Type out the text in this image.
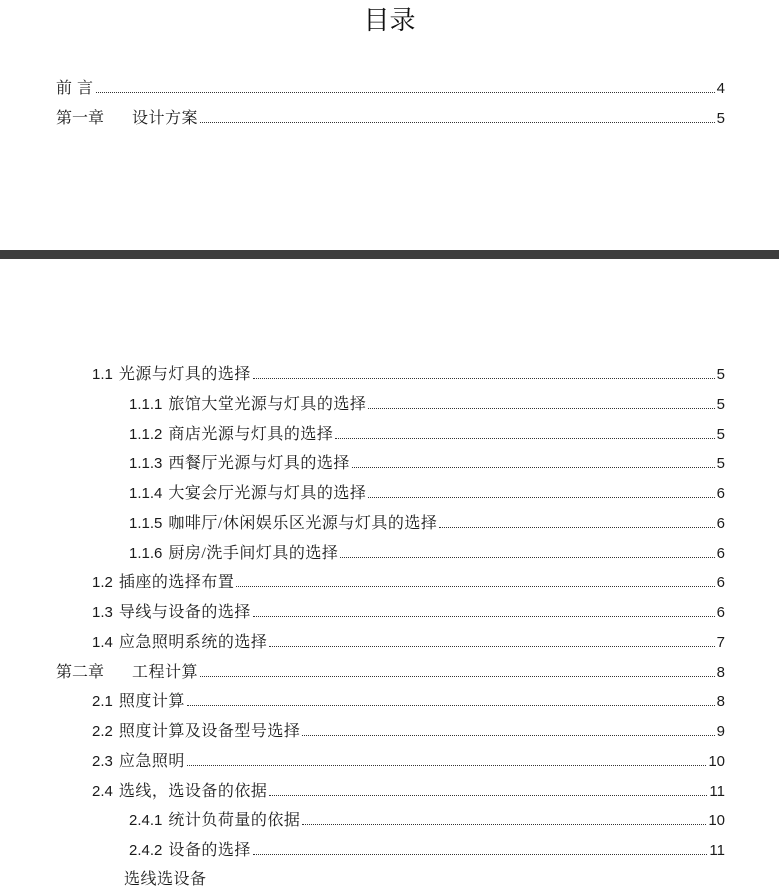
目录
前 言	4
第一章 设计方案	5
1.1 光源与灯具的选择	5
1.1.1 旅馆大堂光源与灯具的选择	5
1.1.2 商店光源与灯具的选择	5
1.1.3 西餐厅光源与灯具的选择	5
1.1.4 大宴会厅光源与灯具的选择	6
1.1.5 咖啡厅/休闲娱乐区光源与灯具的选择	6
1.1.6 厨房/洗手间灯具的选择	6
1.2 插座的选择布置	6
1.3 导线与设备的选择	6
1.4 应急照明系统的选择	7
第二章 工程计算	8
2.1 照度计算	8
2.2 照度计算及设备型号选择	9
2.3 应急照明	10
2.4 选线，选设备的依据	11
2.4.1 统计负荷量的依据	10
2.4.2 设备的选择	11
选线选设备
